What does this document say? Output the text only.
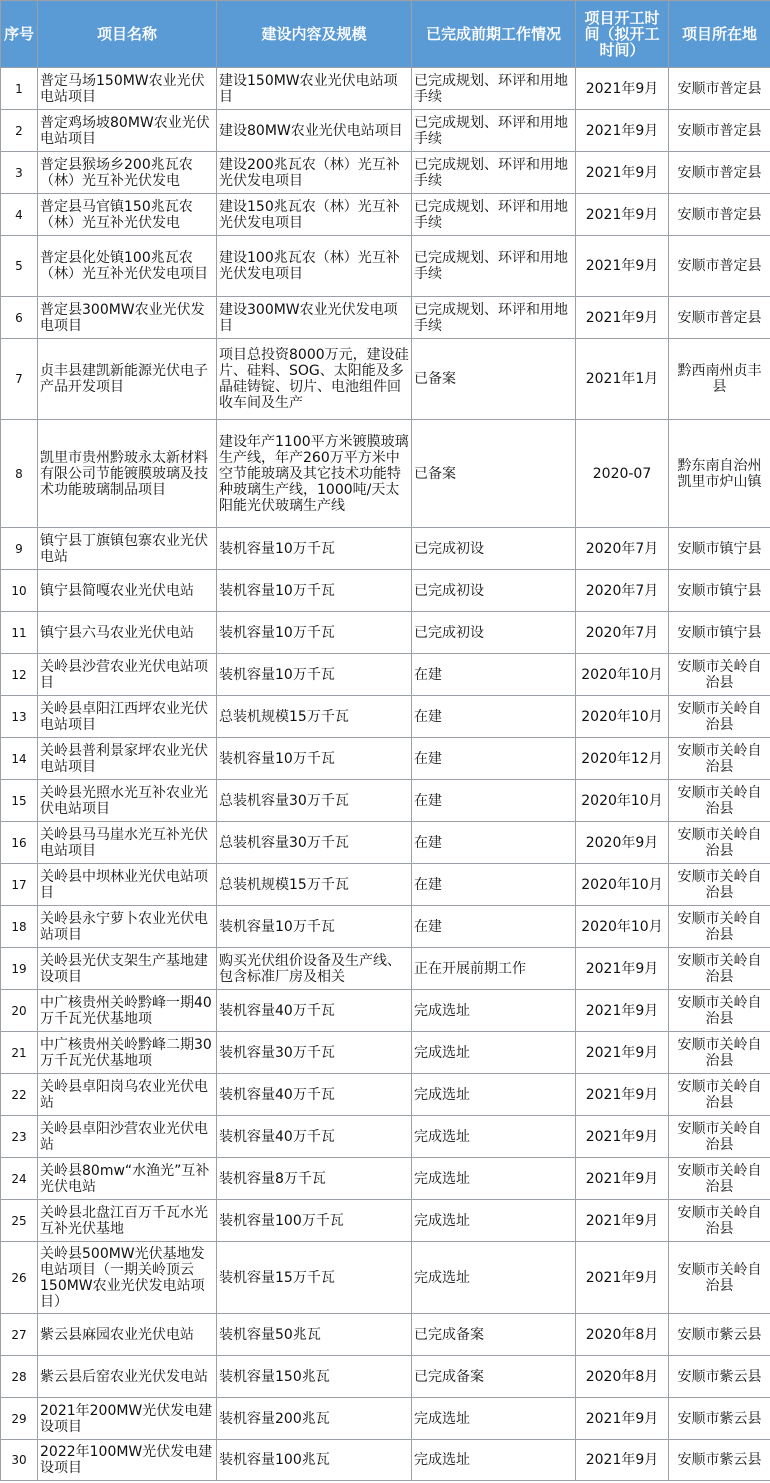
序号	项目名称	建设内容及规模	已完成前期工作情况	项目开工时间（拟开工时间）	项目所在地

1	普定马场150MW农业光伏电站项目	建设150MW农业光伏电站项目	已完成规划、环评和用地手续	2021年9月	安顺市普定县

2	普定鸡场坡80MW农业光伏电站项目	建设80MW农业光伏电站项目	已完成规划、环评和用地手续	2021年9月	安顺市普定县

3	普定县猴场乡200兆瓦农（林）光互补光伏发电	建设200兆瓦农（林）光互补光伏发电项目	已完成规划、环评和用地手续	2021年9月	安顺市普定县

4	普定县马官镇150兆瓦农（林）光互补光伏发电	建设150兆瓦农（林）光互补光伏发电项目	已完成规划、环评和用地手续	2021年9月	安顺市普定县

5	普定县化处镇100兆瓦农（林）光互补光伏发电项目	建设100兆瓦农（林）光互补光伏发电项目	已完成规划、环评和用地手续	2021年9月	安顺市普定县

6	普定县300MW农业光伏发电项目	建设300MW农业光伏发电项目	已完成规划、环评和用地手续	2021年9月	安顺市普定县

7	贞丰县建凯新能源光伏电子产品开发项目	项目总投资8000万元，建设硅片、硅料、SOG、太阳能及多晶硅铸锭、切片、电池组件回收车间及生产	已备案	2021年1月	黔西南州贞丰县

8	凯里市贵州黔玻永太新材料有限公司节能镀膜玻璃及技术功能玻璃制品项目	建设年产1100平方米镀膜玻璃生产线，年产260万平方米中空节能玻璃及其它技术功能特种玻璃生产线，1000吨/天太阳能光伏玻璃生产线	已备案	2020-07	黔东南自治州凯里市炉山镇

9	镇宁县丁旗镇包寨农业光伏电站	装机容量10万千瓦	已完成初设	2020年7月	安顺市镇宁县

10	镇宁县简嘎农业光伏电站	装机容量10万千瓦	已完成初设	2020年7月	安顺市镇宁县

11	镇宁县六马农业光伏电站	装机容量10万千瓦	已完成初设	2020年7月	安顺市镇宁县

12	关岭县沙营农业光伏电站项目	装机容量10万千瓦	在建	2020年10月	安顺市关岭自治县

13	关岭县卓阳江西坪农业光伏电站项目	总装机规模15万千瓦	在建	2020年10月	安顺市关岭自治县

14	关岭县普利景家坪农业光伏电站项目	装机容量10万千瓦	在建	2020年12月	安顺市关岭自治县

15	关岭县光照水光互补农业光伏电站项目	总装机容量30万千瓦	在建	2020年10月	安顺市关岭自治县

16	关岭县马马崖水光互补光伏电站项目	总装机容量30万千瓦	在建	2020年9月	安顺市关岭自治县

17	关岭县中坝林业光伏电站项目	总装机规模15万千瓦	在建	2020年10月	安顺市关岭自治县

18	关岭县永宁萝卜农业光伏电站项目	装机容量10万千瓦	在建	2020年10月	安顺市关岭自治县

19	关岭县光伏支架生产基地建设项目	购买光伏组价设备及生产线、包含标准厂房及相关	正在开展前期工作	2021年9月	安顺市关岭自治县

20	中广核贵州关岭黔峰一期40万千瓦光伏基地项	装机容量40万千瓦	完成选址	2021年9月	安顺市关岭自治县

21	中广核贵州关岭黔峰二期30万千瓦光伏基地项	装机容量30万千瓦	完成选址	2021年9月	安顺市关岭自治县

22	关岭县卓阳岗乌农业光伏电站	装机容量40万千瓦	完成选址	2021年9月	安顺市关岭自治县

23	关岭县卓阳沙营农业光伏电站	装机容量40万千瓦	完成选址	2021年9月	安顺市关岭自治县

24	关岭县80mw“水渔光”互补光伏电站	装机容量8万千瓦	完成选址	2021年9月	安顺市关岭自治县

25	关岭县北盘江百万千瓦水光互补光伏基地	装机容量100万千瓦	完成选址	2021年9月	安顺市关岭自治县

26	关岭县500MW光伏基地发电站项目（一期关岭顶云150MW农业光伏发电站项目）	装机容量15万千瓦	完成选址	2021年9月	安顺市关岭自治县

27	紫云县麻园农业光伏电站	装机容量50兆瓦	已完成备案	2020年8月	安顺市紫云县

28	紫云县后窑农业光伏发电站	装机容量150兆瓦	已完成备案	2020年8月	安顺市紫云县

29	2021年200MW光伏发电建设项目	装机容量200兆瓦	完成选址	2021年9月	安顺市紫云县

30	2022年100MW光伏发电建设项目	装机容量100兆瓦	完成选址	2021年9月	安顺市紫云县
